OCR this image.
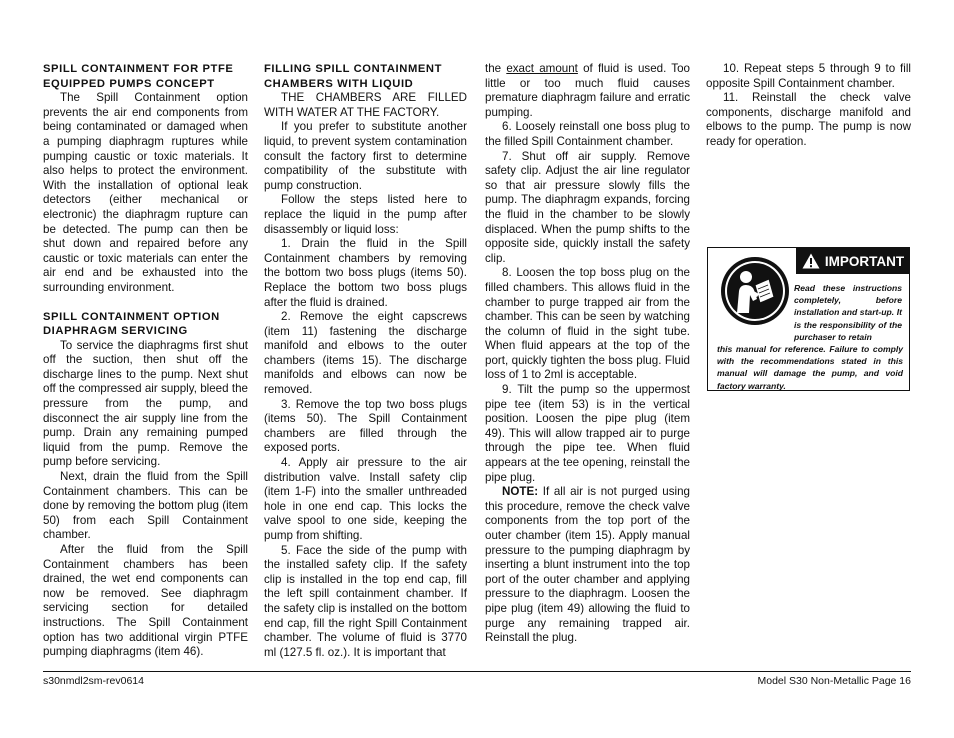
SPILL CONTAINMENT FOR PTFE EQUIPPED PUMPS CONCEPT

The Spill Containment option prevents the air end components from being contaminated or damaged when a pumping diaphragm ruptures while pumping caustic or toxic materials. It also helps to protect the environment. With the installation of optional leak detectors (either mechanical or electronic) the diaphragm rupture can be detected. The pump can then be shut down and repaired before any caustic or toxic materials can enter the air end and be exhausted into the surrounding environment.

SPILL CONTAINMENT OPTION DIAPHRAGM SERVICING

To service the diaphragms first shut off the suction, then shut off the discharge lines to the pump. Next shut off the compressed air supply, bleed the pressure from the pump, and disconnect the air supply line from the pump. Drain any remaining pumped liquid from the pump. Remove the pump before servicing.

Next, drain the fluid from the Spill Containment chambers. This can be done by removing the bottom plug (item 50) from each Spill Containment chamber.

After the fluid from the Spill Containment chambers has been drained, the wet end components can now be removed. See diaphragm servicing section for detailed instructions. The Spill Containment option has two additional virgin PTFE pumping diaphragms (item 46).

FILLING SPILL CONTAINMENT CHAMBERS WITH LIQUID

THE CHAMBERS ARE FILLED WITH WATER AT THE FACTORY.

If you prefer to substitute another liquid, to prevent system contamination consult the factory first to determine compatibility of the substitute with pump construction.

Follow the steps listed here to replace the liquid in the pump after disassembly or liquid loss:

1. Drain the fluid in the Spill Containment chambers by removing the bottom two boss plugs (items 50). Replace the bottom two boss plugs after the fluid is drained.

2. Remove the eight capscrews (item 11) fastening the discharge manifold and elbows to the outer chambers (items 15). The discharge manifolds and elbows can now be removed.

3. Remove the top two boss plugs (items 50). The Spill Containment chambers are filled through the exposed ports.

4. Apply air pressure to the air distribution valve. Install safety clip (item 1-F) into the smaller unthreaded hole in one end cap. This locks the valve spool to one side, keeping the pump from shifting.

5. Face the side of the pump with the installed safety clip. If the safety clip is installed in the top end cap, fill the left spill containment chamber. If the safety clip is installed on the bottom end cap, fill the right Spill Containment chamber. The volume of fluid is 3770 ml (127.5 fl. oz.). It is important that

the exact amount of fluid is used. Too little or too much fluid causes premature diaphragm failure and erratic pumping.

6. Loosely reinstall one boss plug to the filled Spill Containment chamber.

7. Shut off air supply. Remove safety clip. Adjust the air line regulator so that air pressure slowly fills the pump. The diaphragm expands, forcing the fluid in the chamber to be slowly displaced. When the pump shifts to the opposite side, quickly install the safety clip.

8. Loosen the top boss plug on the filled chambers. This allows fluid in the chamber to purge trapped air from the chamber. This can be seen by watching the column of fluid in the sight tube. When fluid appears at the top of the port, quickly tighten the boss plug. Fluid loss of 1 to 2ml is acceptable.

9. Tilt the pump so the uppermost pipe tee (item 53) is in the vertical position. Loosen the pipe plug (item 49). This will allow trapped air to purge through the pipe tee. When fluid appears at the tee opening, reinstall the pipe plug.

NOTE: If all air is not purged using this procedure, remove the check valve components from the top port of the outer chamber (item 15). Apply manual pressure to the pumping diaphragm by inserting a blunt instrument into the top port of the outer chamber and applying pressure to the diaphragm. Loosen the pipe plug (item 49) allowing the fluid to purge any remaining trapped air. Reinstall the plug.

10. Repeat steps 5 through 9 to fill opposite Spill Containment chamber.

11. Reinstall the check valve components, discharge manifold and elbows to the pump. The pump is now ready for operation.

IMPORTANT

Read these instructions completely, before installation and start-up. It is the responsibility of the purchaser to retain

this manual for reference. Failure to comply with the recommendations stated in this manual will damage the pump, and void factory warranty.

s30nmdl2sm-rev0614	Model S30 Non-Metallic Page 16
